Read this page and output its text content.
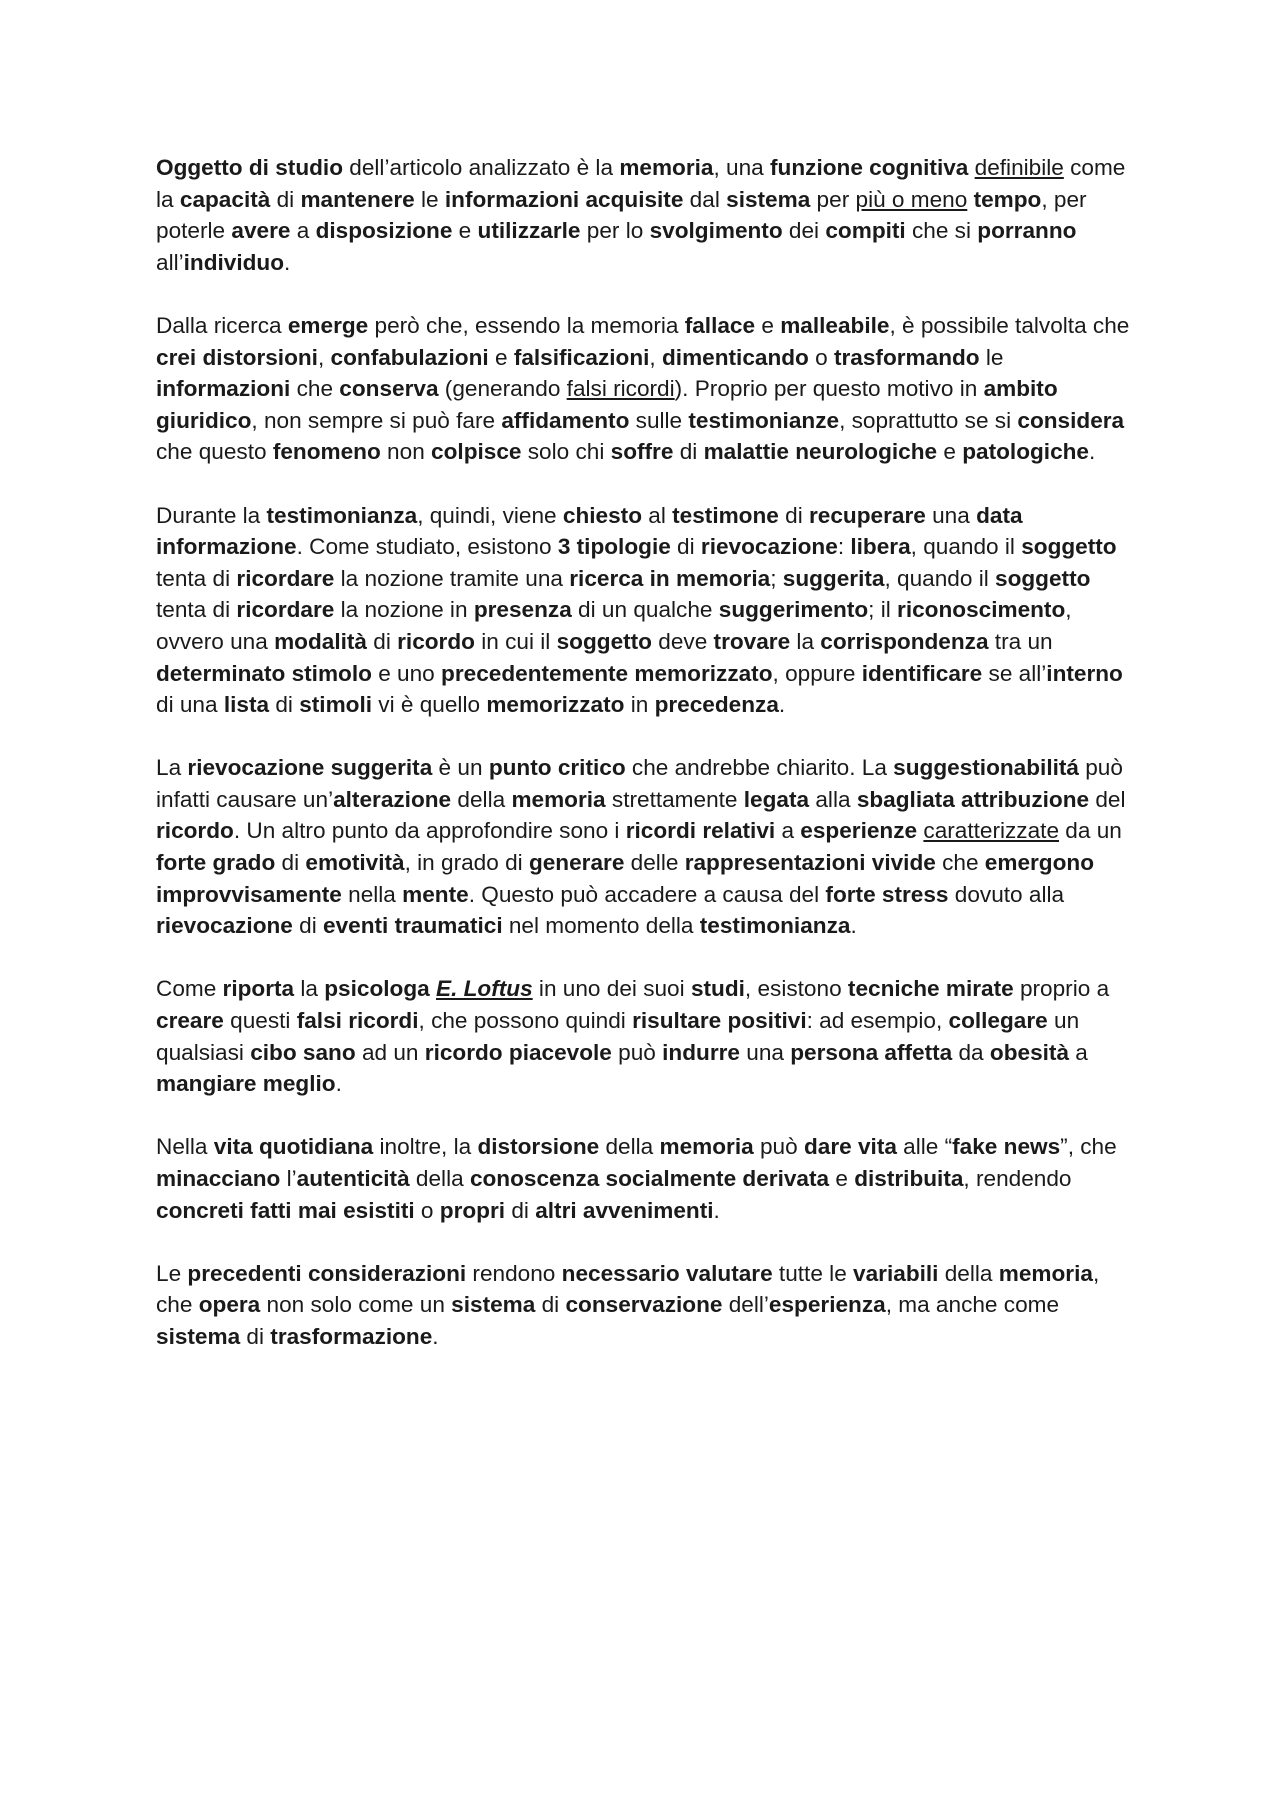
Oggetto di studio dell’articolo analizzato è la memoria, una funzione cognitiva definibile come la capacità di mantenere le informazioni acquisite dal sistema per più o meno tempo, per poterle avere a disposizione e utilizzarle per lo svolgimento dei compiti che si porranno all’individuo.

Dalla ricerca emerge però che, essendo la memoria fallace e malleabile, è possibile talvolta che crei distorsioni, confabulazioni e falsificazioni, dimenticando o trasformando le informazioni che conserva (generando falsi ricordi). Proprio per questo motivo in ambito giuridico, non sempre si può fare affidamento sulle testimonianze, soprattutto se si considera che questo fenomeno non colpisce solo chi soffre di malattie neurologiche e patologiche.

Durante la testimonianza, quindi, viene chiesto al testimone di recuperare una data informazione. Come studiato, esistono 3 tipologie di rievocazione: libera, quando il soggetto tenta di ricordare la nozione tramite una ricerca in memoria; suggerita, quando il soggetto tenta di ricordare la nozione in presenza di un qualche suggerimento; il riconoscimento, ovvero una modalità di ricordo in cui il soggetto deve trovare la corrispondenza tra un determinato stimolo e uno precedentemente memorizzato, oppure identificare se all’interno di una lista di stimoli vi è quello memorizzato in precedenza.

La rievocazione suggerita è un punto critico che andrebbe chiarito. La suggestionabilitá può infatti causare un’alterazione della memoria strettamente legata alla sbagliata attribuzione del ricordo. Un altro punto da approfondire sono i ricordi relativi a esperienze caratterizzate da un forte grado di emotività, in grado di generare delle rappresentazioni vivide che emergono improvvisamente nella mente. Questo può accadere a causa del forte stress dovuto alla rievocazione di eventi traumatici nel momento della testimonianza.

Come riporta la psicologa E. Loftus in uno dei suoi studi, esistono tecniche mirate proprio a creare questi falsi ricordi, che possono quindi risultare positivi: ad esempio, collegare un qualsiasi cibo sano ad un ricordo piacevole può indurre una persona affetta da obesità a mangiare meglio.

Nella vita quotidiana inoltre, la distorsione della memoria può dare vita alle “fake news”, che minacciano l’autenticità della conoscenza socialmente derivata e distribuita, rendendo concreti fatti mai esistiti o propri di altri avvenimenti.

Le precedenti considerazioni rendono necessario valutare tutte le variabili della memoria, che opera non solo come un sistema di conservazione dell’esperienza, ma anche come sistema di trasformazione.
